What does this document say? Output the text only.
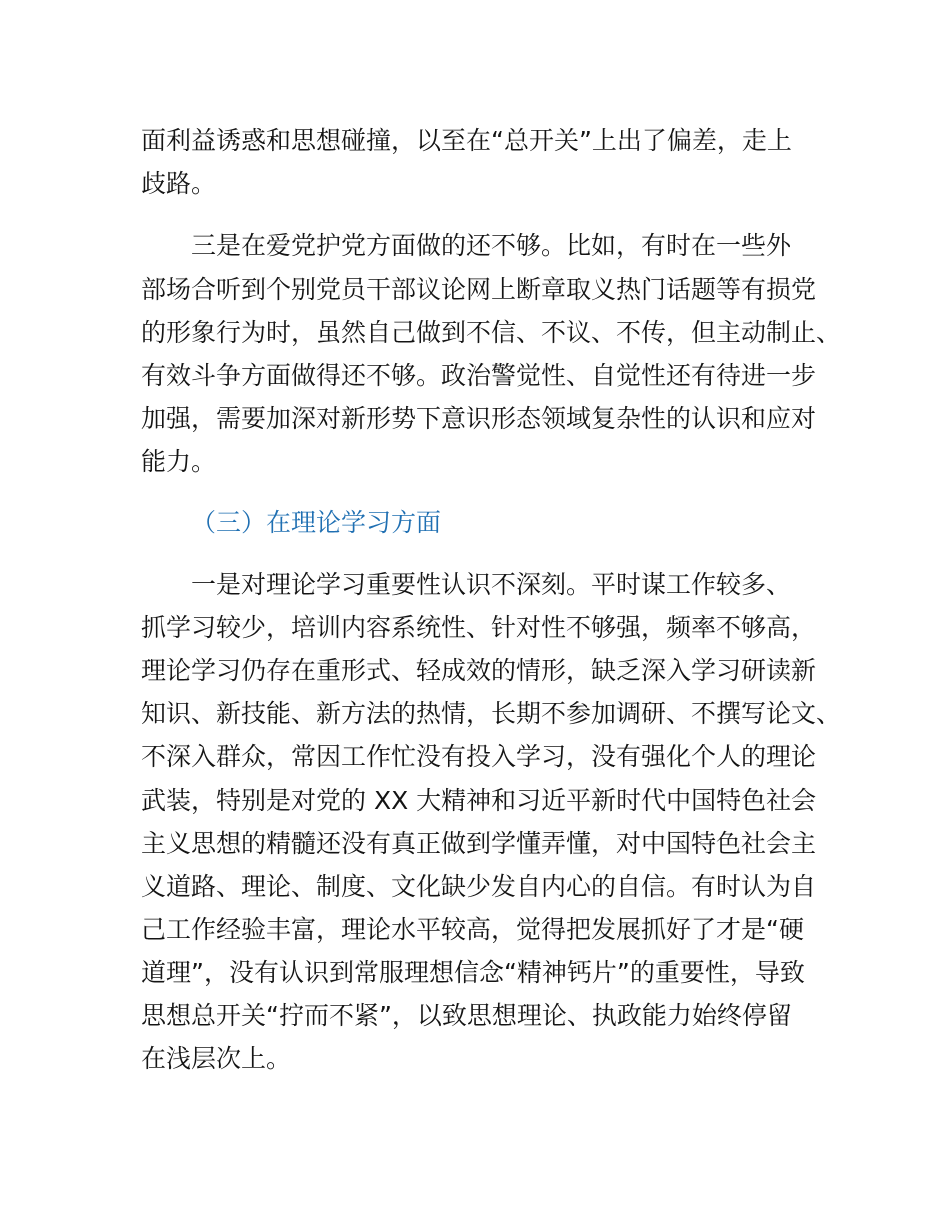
面利益诱惑和思想碰撞，以至在“总开关”上出了偏差，走上
歧路。
三是在爱党护党方面做的还不够。比如，有时在一些外
部场合听到个别党员干部议论网上断章取义热门话题等有损党
的形象行为时，虽然自己做到不信、不议、不传，但主动制止、
有效斗争方面做得还不够。政治警觉性、自觉性还有待进一步
加强，需要加深对新形势下意识形态领域复杂性的认识和应对
能力。
（三）在理论学习方面
一是对理论学习重要性认识不深刻。平时谋工作较多、
抓学习较少，培训内容系统性、针对性不够强，频率不够高，
理论学习仍存在重形式、轻成效的情形，缺乏深入学习研读新
知识、新技能、新方法的热情，长期不参加调研、不撰写论文、
不深入群众，常因工作忙没有投入学习，没有强化个人的理论
武装，特别是对党的 XX 大精神和习近平新时代中国特色社会
主义思想的精髓还没有真正做到学懂弄懂，对中国特色社会主
义道路、理论、制度、文化缺少发自内心的自信。有时认为自
己工作经验丰富，理论水平较高，觉得把发展抓好了才是“硬
道理”，没有认识到常服理想信念“精神钙片”的重要性，导致
思想总开关“拧而不紧”，以致思想理论、执政能力始终停留
在浅层次上。
